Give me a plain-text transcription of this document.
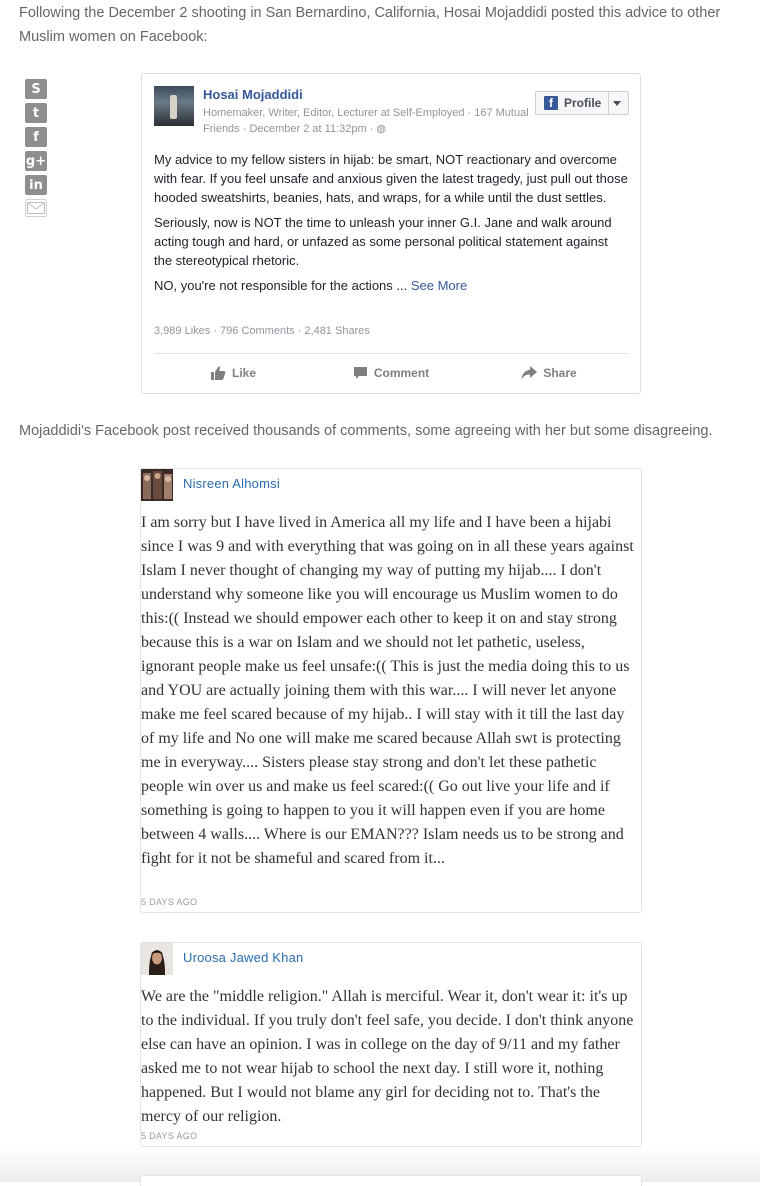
Following the December 2 shooting in San Bernardino, California, Hosai Mojaddidi posted this advice to other Muslim women on Facebook:
S
t
f
g+
in
Hosai Mojaddidi
Homemaker, Writer, Editor, Lecturer at Self-Employed · 167 Mutual Friends · December 2 at 11:32pm · ◍
f Profile

My advice to my fellow sisters in hijab: be smart, NOT reactionary and overcome with fear. If you feel unsafe and anxious given the latest tragedy, just pull out those hooded sweatshirts, beanies, hats, and wraps, for a while until the dust settles.

Seriously, now is NOT the time to unleash your inner G.I. Jane and walk around acting tough and hard, or unfazed as some personal political statement against the stereotypical rhetoric.

NO, you're not responsible for the actions ... See More

3,989 Likes · 796 Comments · 2,481 Shares
Like	Comment	Share
Mojaddidi's Facebook post received thousands of comments, some agreeing with her but some disagreeing.
Nisreen Alhomsi
I am sorry but I have lived in America all my life and I have been a hijabi since I was 9 and with everything that was going on in all these years against Islam I never thought of changing my way of putting my hijab.... I don't understand why someone like you will encourage us Muslim women to do this:(( Instead we should empower each other to keep it on and stay strong because this is a war on Islam and we should not let pathetic, useless, ignorant people make us feel unsafe:(( This is just the media doing this to us and YOU are actually joining them with this war.... I will never let anyone make me feel scared because of my hijab.. I will stay with it till the last day of my life and No one will make me scared because Allah swt is protecting me in everyway.... Sisters please stay strong and don't let these pathetic people win over us and make us feel scared:(( Go out live your life and if something is going to happen to you it will happen even if you are home between 4 walls.... Where is our EMAN??? Islam needs us to be strong and fight for it not be shameful and scared from it...
5 DAYS AGO
Uroosa Jawed Khan
We are the "middle religion." Allah is merciful. Wear it, don't wear it: it's up to the individual. If you truly don't feel safe, you decide. I don't think anyone else can have an opinion. I was in college on the day of 9/11 and my father asked me to not wear hijab to school the next day. I still wore it, nothing happened. But I would not blame any girl for deciding not to. That's the mercy of our religion.
5 DAYS AGO
